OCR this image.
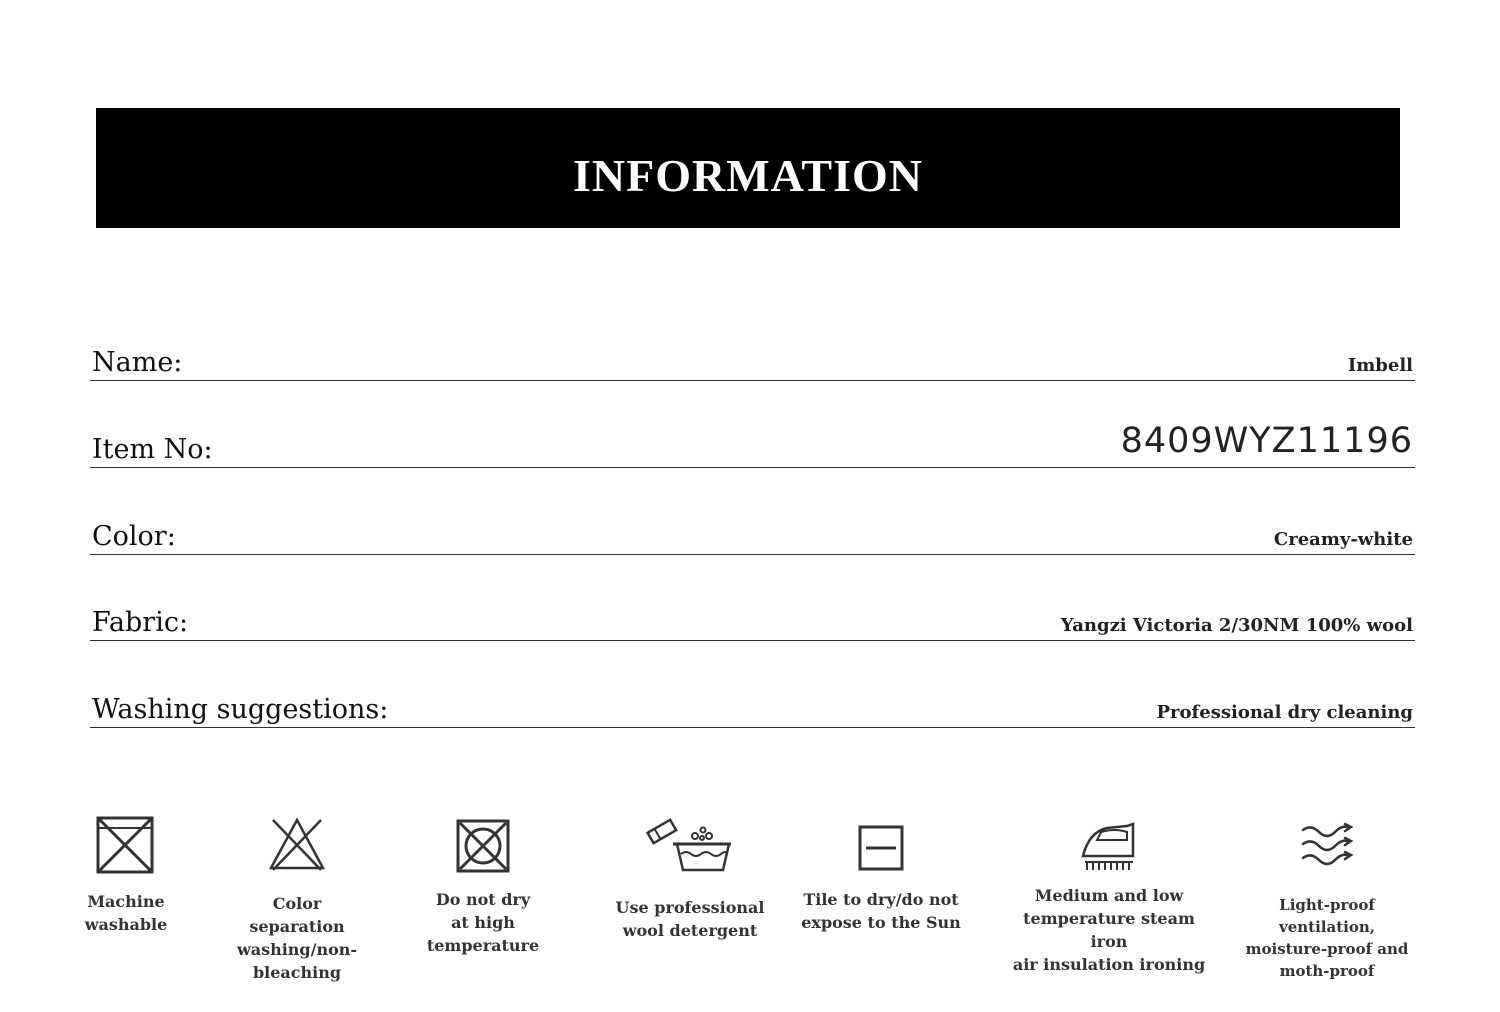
INFORMATION
Name:	Imbell
Item No:	8409WYZ11196
Color:	Creamy-white
Fabric:	Yangzi Victoria 2/30NM 100% wool
Washing suggestions:	Professional dry cleaning
Machine
washable
Color
separation
washing/non-
bleaching
Do not dry
at high
temperature
Use professional
wool detergent
Tile to dry/do not
expose to the Sun
Medium and low
temperature steam iron
air insulation ironing
Light-proof
ventilation,
moisture-proof and
moth-proof
